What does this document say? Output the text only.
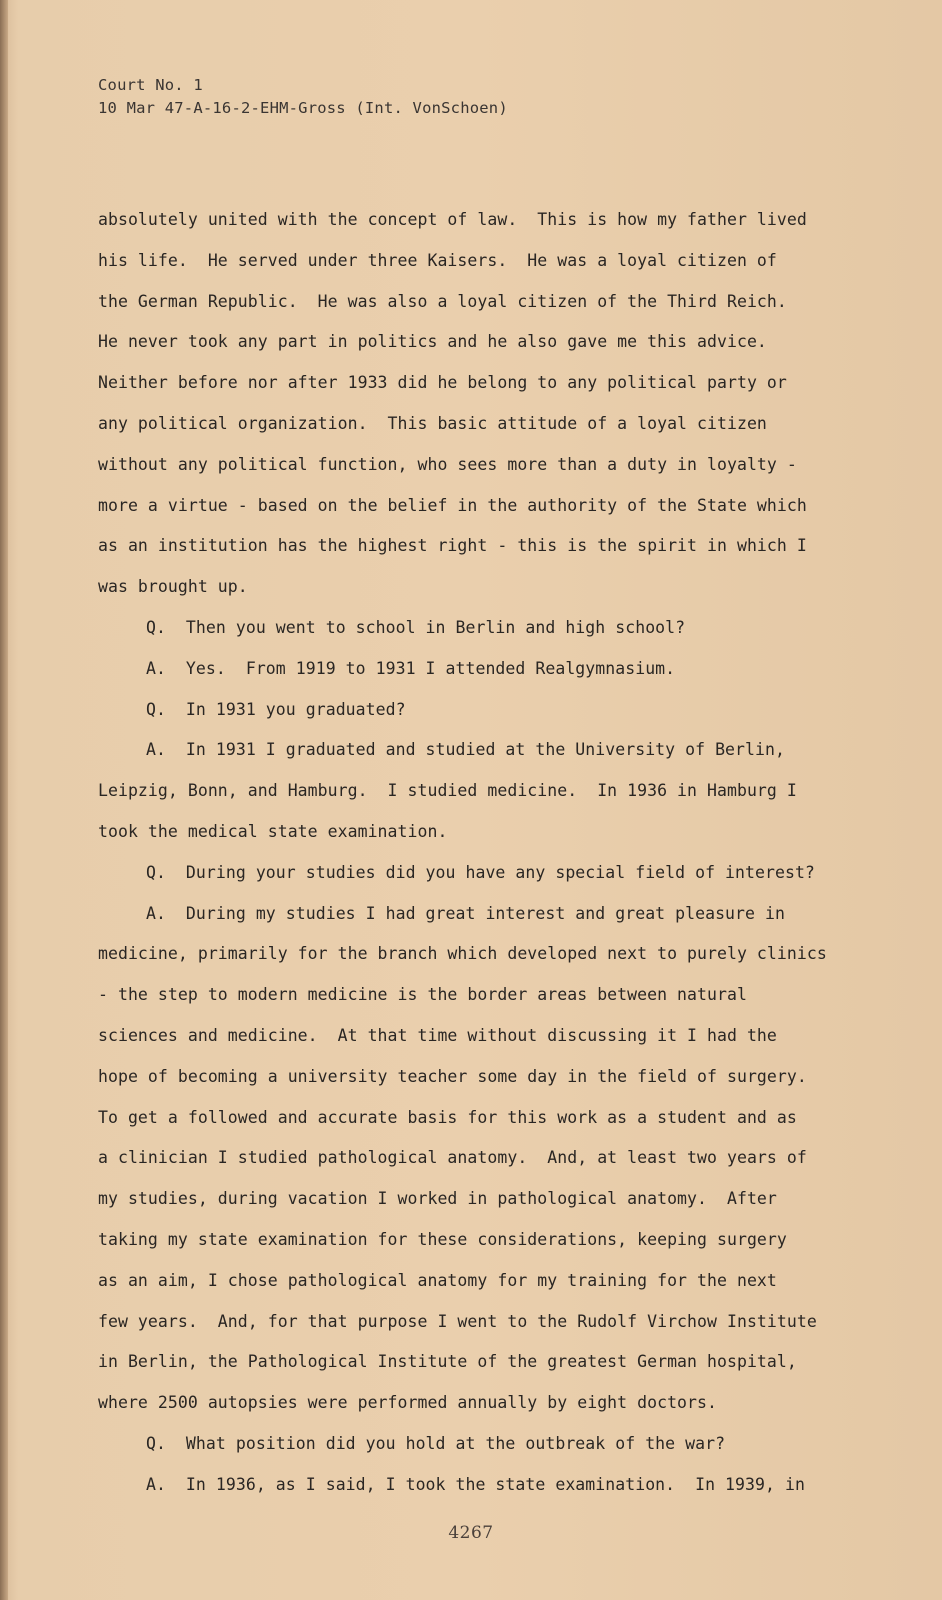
Court No. 1
10 Mar 47-A-16-2-EHM-Gross (Int. VonSchoen)
absolutely united with the concept of law.  This is how my father lived
his life.  He served under three Kaisers.  He was a loyal citizen of
the German Republic.  He was also a loyal citizen of the Third Reich.
He never took any part in politics and he also gave me this advice.
Neither before nor after 1933 did he belong to any political party or
any political organization.  This basic attitude of a loyal citizen
without any political function, who sees more than a duty in loyalty -
more a virtue - based on the belief in the authority of the State which
as an institution has the highest right - this is the spirit in which I
was brought up.
Q.  Then you went to school in Berlin and high school?
A.  Yes.  From 1919 to 1931 I attended Realgymnasium.
Q.  In 1931 you graduated?
A.  In 1931 I graduated and studied at the University of Berlin,
Leipzig, Bonn, and Hamburg.  I studied medicine.  In 1936 in Hamburg I
took the medical state examination.
Q.  During your studies did you have any special field of interest?
A.  During my studies I had great interest and great pleasure in
medicine, primarily for the branch which developed next to purely clinics
- the step to modern medicine is the border areas between natural
sciences and medicine.  At that time without discussing it I had the
hope of becoming a university teacher some day in the field of surgery.
To get a followed and accurate basis for this work as a student and as
a clinician I studied pathological anatomy.  And, at least two years of
my studies, during vacation I worked in pathological anatomy.  After
taking my state examination for these considerations, keeping surgery
as an aim, I chose pathological anatomy for my training for the next
few years.  And, for that purpose I went to the Rudolf Virchow Institute
in Berlin, the Pathological Institute of the greatest German hospital,
where 2500 autopsies were performed annually by eight doctors.
Q.  What position did you hold at the outbreak of the war?
A.  In 1936, as I said, I took the state examination.  In 1939, in
4267
